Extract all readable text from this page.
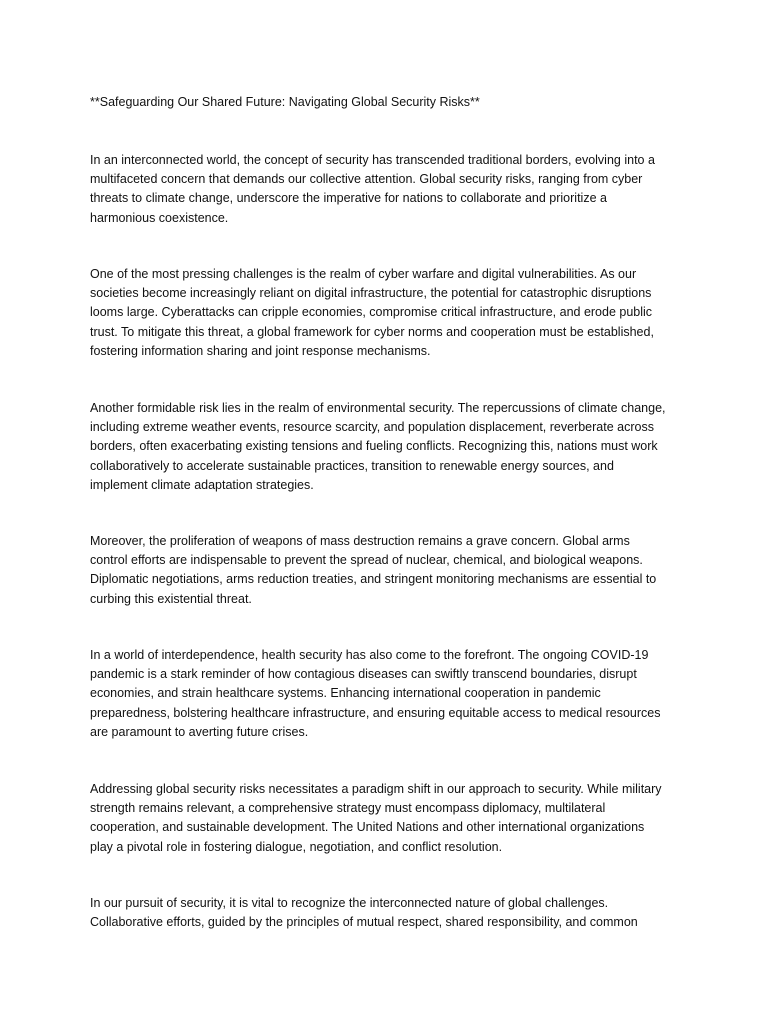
**Safeguarding Our Shared Future: Navigating Global Security Risks**

In an interconnected world, the concept of security has transcended traditional borders, evolving into a
multifaceted concern that demands our collective attention. Global security risks, ranging from cyber
threats to climate change, underscore the imperative for nations to collaborate and prioritize a
harmonious coexistence.

One of the most pressing challenges is the realm of cyber warfare and digital vulnerabilities. As our
societies become increasingly reliant on digital infrastructure, the potential for catastrophic disruptions
looms large. Cyberattacks can cripple economies, compromise critical infrastructure, and erode public
trust. To mitigate this threat, a global framework for cyber norms and cooperation must be established,
fostering information sharing and joint response mechanisms.

Another formidable risk lies in the realm of environmental security. The repercussions of climate change,
including extreme weather events, resource scarcity, and population displacement, reverberate across
borders, often exacerbating existing tensions and fueling conflicts. Recognizing this, nations must work
collaboratively to accelerate sustainable practices, transition to renewable energy sources, and
implement climate adaptation strategies.

Moreover, the proliferation of weapons of mass destruction remains a grave concern. Global arms
control efforts are indispensable to prevent the spread of nuclear, chemical, and biological weapons.
Diplomatic negotiations, arms reduction treaties, and stringent monitoring mechanisms are essential to
curbing this existential threat.

In a world of interdependence, health security has also come to the forefront. The ongoing COVID-19
pandemic is a stark reminder of how contagious diseases can swiftly transcend boundaries, disrupt
economies, and strain healthcare systems. Enhancing international cooperation in pandemic
preparedness, bolstering healthcare infrastructure, and ensuring equitable access to medical resources
are paramount to averting future crises.

Addressing global security risks necessitates a paradigm shift in our approach to security. While military
strength remains relevant, a comprehensive strategy must encompass diplomacy, multilateral
cooperation, and sustainable development. The United Nations and other international organizations
play a pivotal role in fostering dialogue, negotiation, and conflict resolution.

In our pursuit of security, it is vital to recognize the interconnected nature of global challenges.
Collaborative efforts, guided by the principles of mutual respect, shared responsibility, and common
